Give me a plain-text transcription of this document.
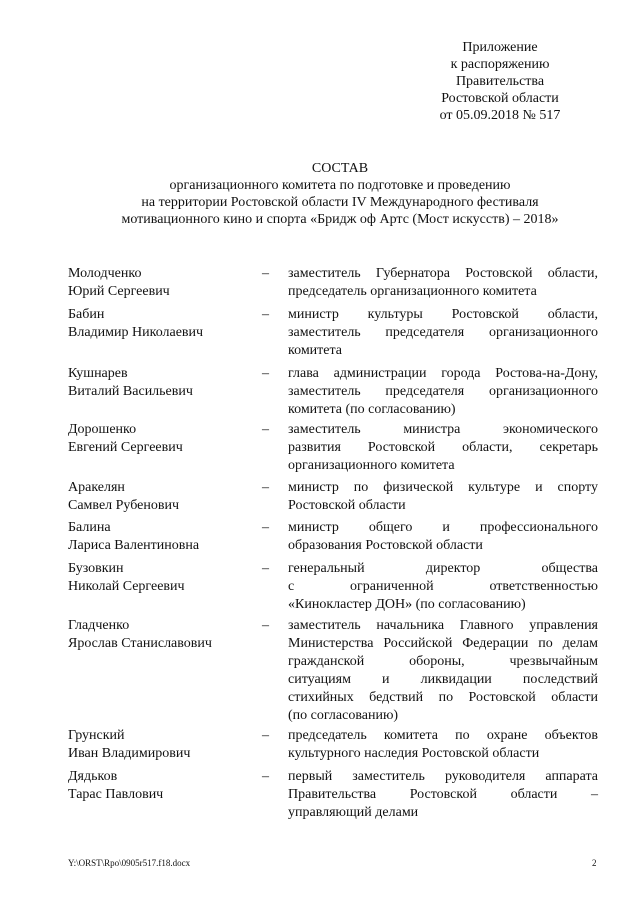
Приложение
к распоряжению
Правительства
Ростовской области
от 05.09.2018 № 517
СОСТАВ
организационного комитета по подготовке и проведению
на территории Ростовской области IV Международного фестиваля
мотивационного кино и спорта «Бридж оф Артс (Мост искусств) – 2018»
Молодченко
Юрий Сергеевич
– заместитель Губернатора Ростовской области,
председатель организационного комитета
Бабин
Владимир Николаевич
– министр культуры Ростовской области,
заместитель председателя организационного
комитета
Кушнарев
Виталий Васильевич
– глава администрации города Ростова-на-Дону,
заместитель председателя организационного
комитета (по согласованию)
Дорошенко
Евгений Сергеевич
– заместитель министра экономического
развития Ростовской области, секретарь
организационного комитета
Аракелян
Самвел Рубенович
– министр по физической культуре и спорту
Ростовской области
Балина
Лариса Валентиновна
– министр общего и профессионального
образования Ростовской области
Бузовкин
Николай Сергеевич
– генеральный директор общества
с ограниченной ответственностью
«Кинокластер ДОН» (по согласованию)
Гладченко
Ярослав Станиславович
– заместитель начальника Главного управления
Министерства Российской Федерации по делам
гражданской обороны, чрезвычайным
ситуациям и ликвидации последствий
стихийных бедствий по Ростовской области
(по согласованию)
Грунский
Иван Владимирович
– председатель комитета по охране объектов
культурного наследия Ростовской области
Дядьков
Тарас Павлович
– первый заместитель руководителя аппарата
Правительства Ростовской области –
управляющий делами
Y:\ORST\Rpo\0905r517.f18.docx	2
